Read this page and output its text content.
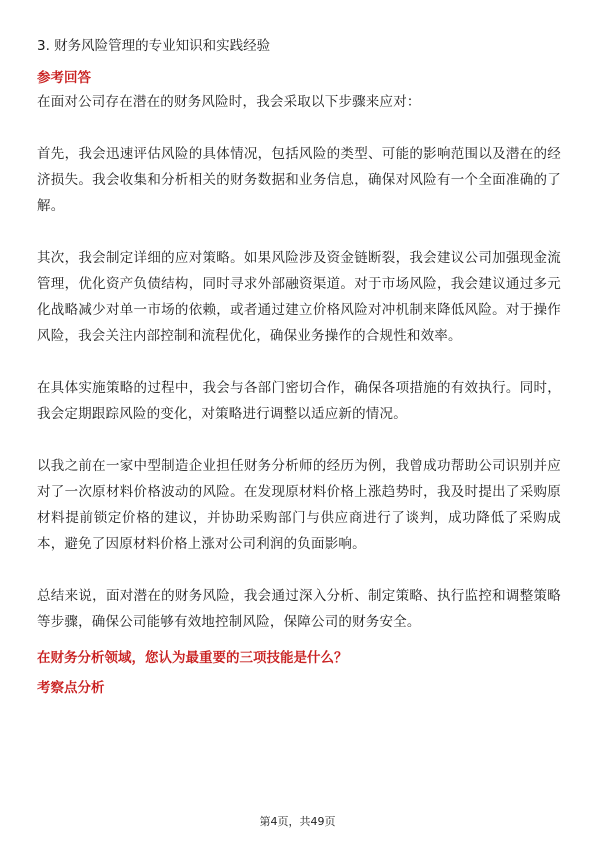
3. 财务风险管理的专业知识和实践经验
参考回答

在面对公司存在潜在的财务风险时，我会采取以下步骤来应对：

首先，我会迅速评估风险的具体情况，包括风险的类型、可能的影响范围以及潜在的经济损失。我会收集和分析相关的财务数据和业务信息，确保对风险有一个全面准确的了解。

其次，我会制定详细的应对策略。如果风险涉及资金链断裂，我会建议公司加强现金流管理，优化资产负债结构，同时寻求外部融资渠道。对于市场风险，我会建议通过多元化战略减少对单一市场的依赖，或者通过建立价格风险对冲机制来降低风险。对于操作风险，我会关注内部控制和流程优化，确保业务操作的合规性和效率。

在具体实施策略的过程中，我会与各部门密切合作，确保各项措施的有效执行。同时，我会定期跟踪风险的变化，对策略进行调整以适应新的情况。

以我之前在一家中型制造企业担任财务分析师的经历为例，我曾成功帮助公司识别并应对了一次原材料价格波动的风险。在发现原材料价格上涨趋势时，我及时提出了采购原材料提前锁定价格的建议，并协助采购部门与供应商进行了谈判，成功降低了采购成本，避免了因原材料价格上涨对公司利润的负面影响。

总结来说，面对潜在的财务风险，我会通过深入分析、制定策略、执行监控和调整策略等步骤，确保公司能够有效地控制风险，保障公司的财务安全。

在财务分析领域，您认为最重要的三项技能是什么？
考察点分析
第4页，共49页
